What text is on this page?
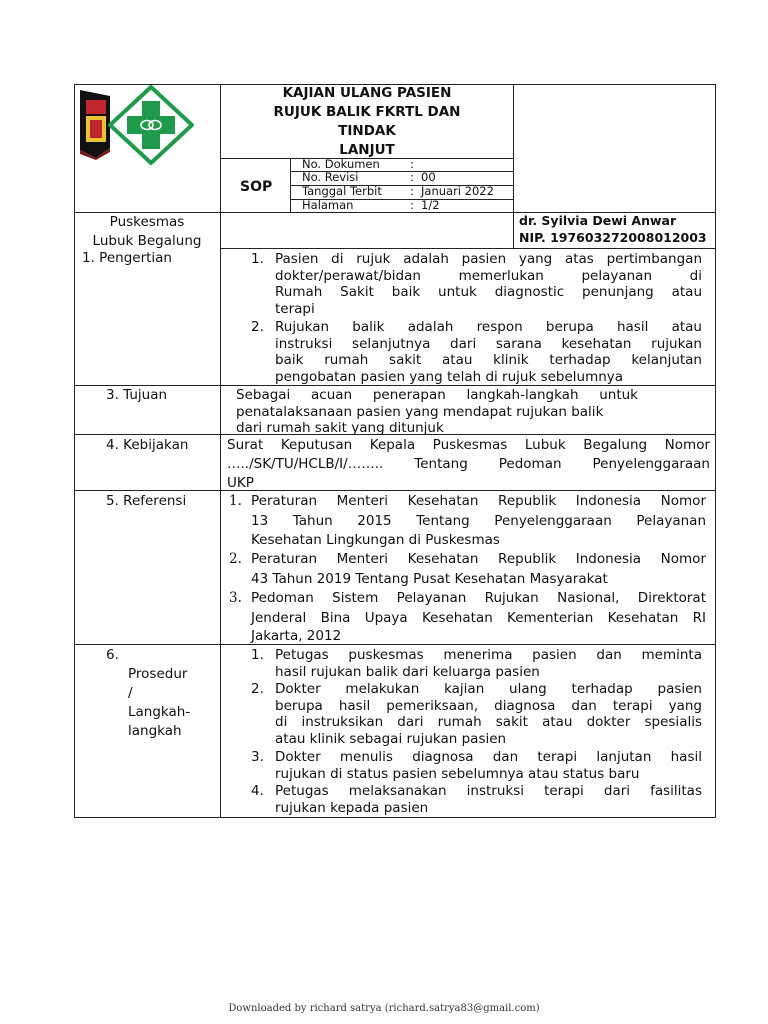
KAJIAN ULANG PASIEN
RUJUK BALIK FKRTL DAN
TINDAK
LANJUT
SOP
No. Dokumen	:
No. Revisi	: 00
Tanggal Terbit : Januari 2022
Halaman	: 1/2
Puskesmas
Lubuk Begalung
dr. Syilvia Dewi Anwar
NIP. 197603272008012003
1. Pengertian	1. Pasien di rujuk adalah pasien yang atas pertimbangan
dokter/perawat/bidan memerlukan pelayanan di
Rumah Sakit baik untuk diagnostic penunjang atau
terapi
2. Rujukan balik adalah respon berupa hasil atau
instruksi selanjutnya dari sarana kesehatan rujukan
baik rumah sakit atau klinik terhadap kelanjutan
pengobatan pasien yang telah di rujuk sebelumnya
3. Tujuan	Sebagai acuan penerapan langkah-langkah untuk
penatalaksanaan pasien yang mendapat rujukan balik
dari rumah sakit yang ditunjuk
4. Kebijakan	Surat Keputusan Kepala Puskesmas Lubuk Begalung Nomor
…../SK/TU/HCLB/I/…….. Tentang Pedoman Penyelenggaraan
UKP
5. Referensi	1. Peraturan Menteri Kesehatan Republik Indonesia Nomor
13 Tahun 2015 Tentang Penyelenggaraan Pelayanan
Kesehatan Lingkungan di Puskesmas
2. Peraturan Menteri Kesehatan Republik Indonesia Nomor
43 Tahun 2019 Tentang Pusat Kesehatan Masyarakat
3. Pedoman Sistem Pelayanan Rujukan Nasional, Direktorat
Jenderal Bina Upaya Kesehatan Kementerian Kesehatan RI
Jakarta, 2012
6.
Prosedur
/
Langkah-
langkah
1. Petugas puskesmas menerima pasien dan meminta
hasil rujukan balik dari keluarga pasien
2. Dokter melakukan kajian ulang terhadap pasien
berupa hasil pemeriksaan, diagnosa dan terapi yang
di instruksikan dari rumah sakit atau dokter spesialis
atau klinik sebagai rujukan pasien
3. Dokter menulis diagnosa dan terapi lanjutan hasil
rujukan di status pasien sebelumnya atau status baru
4. Petugas melaksanakan instruksi terapi dari fasilitas
rujukan kepada pasien
Downloaded by richard satrya (richard.satrya83@gmail.com)
